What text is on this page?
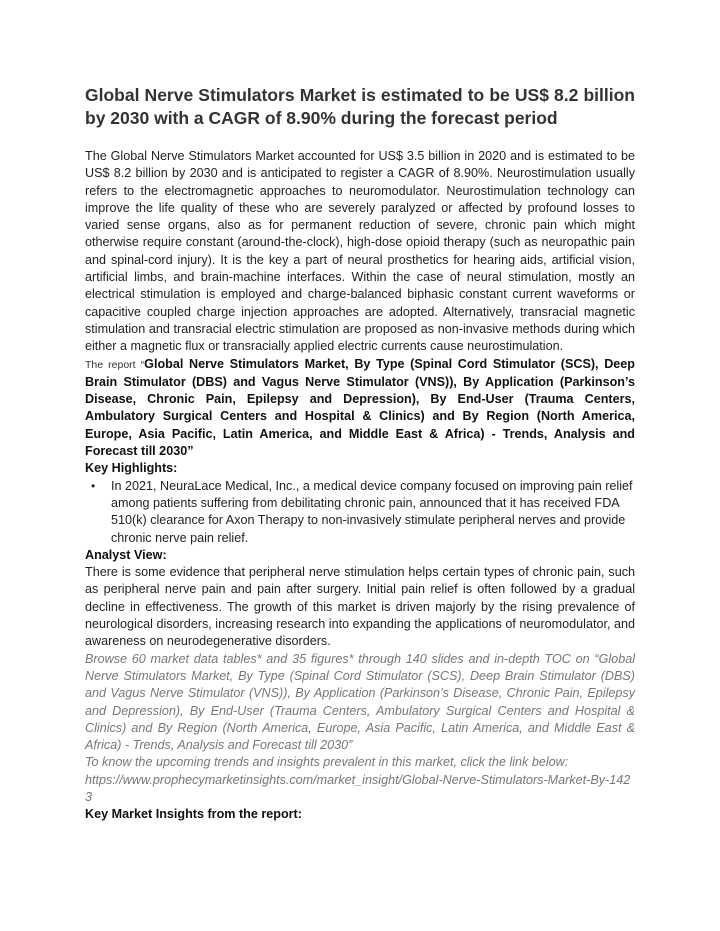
Global Nerve Stimulators Market is estimated to be US$ 8.2 billion by 2030 with a CAGR of 8.90% during the forecast period

The Global Nerve Stimulators Market accounted for US$ 3.5 billion in 2020 and is estimated to be US$ 8.2 billion by 2030 and is anticipated to register a CAGR of 8.90%. Neurostimulation usually refers to the electromagnetic approaches to neuromodulator. Neurostimulation technology can improve the life quality of these who are severely paralyzed or affected by profound losses to varied sense organs, also as for permanent reduction of severe, chronic pain which might otherwise require constant (around-the-clock), high-dose opioid therapy (such as neuropathic pain and spinal-cord injury). It is the key a part of neural prosthetics for hearing aids, artificial vision, artificial limbs, and brain-machine interfaces. Within the case of neural stimulation, mostly an electrical stimulation is employed and charge-balanced biphasic constant current waveforms or capacitive coupled charge injection approaches are adopted. Alternatively, transracial magnetic stimulation and transracial electric stimulation are proposed as non-invasive methods during which either a magnetic flux or transracially applied electric currents cause neurostimulation.

The report “Global Nerve Stimulators Market, By Type (Spinal Cord Stimulator (SCS), Deep Brain Stimulator (DBS) and Vagus Nerve Stimulator (VNS)), By Application (Parkinson’s Disease, Chronic Pain, Epilepsy and Depression), By End-User (Trauma Centers, Ambulatory Surgical Centers and Hospital & Clinics) and By Region (North America, Europe, Asia Pacific, Latin America, and Middle East & Africa) - Trends, Analysis and Forecast till 2030”

Key Highlights:
• In 2021, NeuraLace Medical, Inc., a medical device company focused on improving pain relief among patients suffering from debilitating chronic pain, announced that it has received FDA 510(k) clearance for Axon Therapy to non-invasively stimulate peripheral nerves and provide chronic nerve pain relief.
Analyst View:

There is some evidence that peripheral nerve stimulation helps certain types of chronic pain, such as peripheral nerve pain and pain after surgery. Initial pain relief is often followed by a gradual decline in effectiveness. The growth of this market is driven majorly by the rising prevalence of neurological disorders, increasing research into expanding the applications of neuromodulator, and awareness on neurodegenerative disorders.

Browse 60 market data tables* and 35 figures* through 140 slides and in-depth TOC on “Global Nerve Stimulators Market, By Type (Spinal Cord Stimulator (SCS), Deep Brain Stimulator (DBS) and Vagus Nerve Stimulator (VNS)), By Application (Parkinson’s Disease, Chronic Pain, Epilepsy and Depression), By End-User (Trauma Centers, Ambulatory Surgical Centers and Hospital & Clinics) and By Region (North America, Europe, Asia Pacific, Latin America, and Middle East & Africa) - Trends, Analysis and Forecast till 2030”

To know the upcoming trends and insights prevalent in this market, click the link below:

https://www.prophecymarketinsights.com/market_insight/Global-Nerve-Stimulators-Market-By-1423

Key Market Insights from the report:
